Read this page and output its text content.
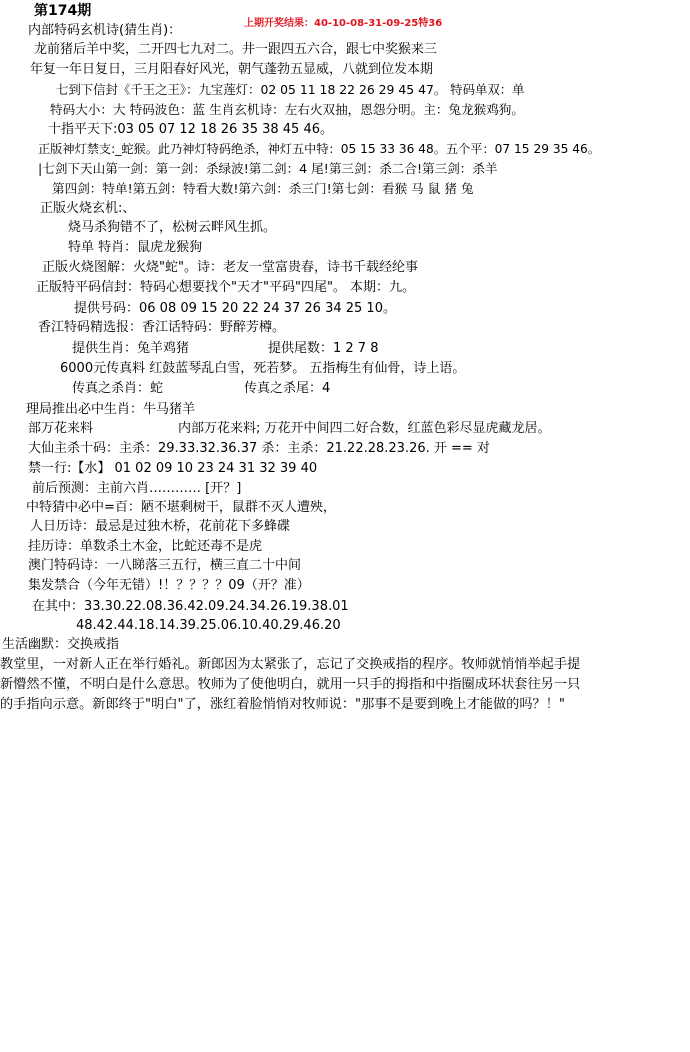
第174期
上期开奖结果：40-10-08-31-09-25特36
内部特码玄机诗(猜生肖)：
龙前猪后羊中奖，二开四七九对二。井一跟四五六合，跟七中奖猴来三
年复一年日复日，三月阳春好风光，朝气蓬勃五显威，八就到位发本期
七到下信封《千王之王》：九宝莲灯：02 05 11 18 22 26 29 45 47。 特码单双：单
特码大小：大 特码波色：蓝 生肖玄机诗：左右火双抽，恩怨分明。主：兔龙猴鸡狗。
十指平天下:03 05 07 12 18 26 35 38 45 46。
正版神灯禁支:_蛇猴。此乃神灯特码绝杀，神灯五中特：05 15 33 36 48。五个平：07 15 29 35 46。
|七剑下天山第一剑：第一剑：杀绿波!第二剑：4 尾!第三剑：杀二合!第三剑：杀羊
第四剑：特单!第五剑：特看大数!第六剑：杀三门!第七剑：看猴 马 鼠 猪 兔
正版火烧玄机:、
烧马杀狗错不了，松树云畔风生抓。
特单 特肖：鼠虎龙猴狗
正版火烧图解：火烧"蛇"。诗：老友一堂富贵春，诗书千载经纶事
正版特平码信封：特码心想要找个"天才"平码"四尾"。 本期：九。
提供号码：06 08 09 15 20 22 24 37 26 34 25 10。
香江特码精选报：香江话特码：野醉芳樽。
提供生肖：兔羊鸡猪	提供尾数：1 2 7 8
6000元传真料 红鼓蓝琴乱白雪，死若梦。 五指梅生有仙骨，诗上语。
传真之杀肖：蛇	传真之杀尾：4
理局推出必中生肖：牛马猪羊
部万花来料	内部万花来料; 万花开中间四二好合数，红蓝色彩尽显虎藏龙居。
大仙主杀十码：主杀：29.33.32.36.37 杀：主杀：21.22.28.23.26. 开 == 对
禁一行:【水】 01 02 09 10 23 24 31 32 39 40
前后预测：主前六肖………… [开？]
中特猜中必中=百：陋不堪剩树干，鼠群不灭人遭殃，
人日历诗：最忌是过独木桥，花前花下多蜂碟
挂历诗：单数杀土木金，比蛇还毒不是虎
澳门特码诗：一八睇落三五行，横三直二十中间
集发禁合（今年无错）!！？？？？09（开？准）
在其中：33.30.22.08.36.42.09.24.34.26.19.38.01
48.42.44.18.14.39.25.06.10.40.29.46.20
生活幽默：交换戒指
教堂里，一对新人正在举行婚礼。新郎因为太紧张了，忘记了交换戒指的程序。牧师就悄悄举起手提
新懵然不懂，不明白是什么意思。牧师为了使他明白，就用一只手的拇指和中指圈成环状套往另一只
的手指向示意。新郎终于"明白"了，涨红着脸悄悄对牧师说："那事不是要到晚上才能做的吗？！"
